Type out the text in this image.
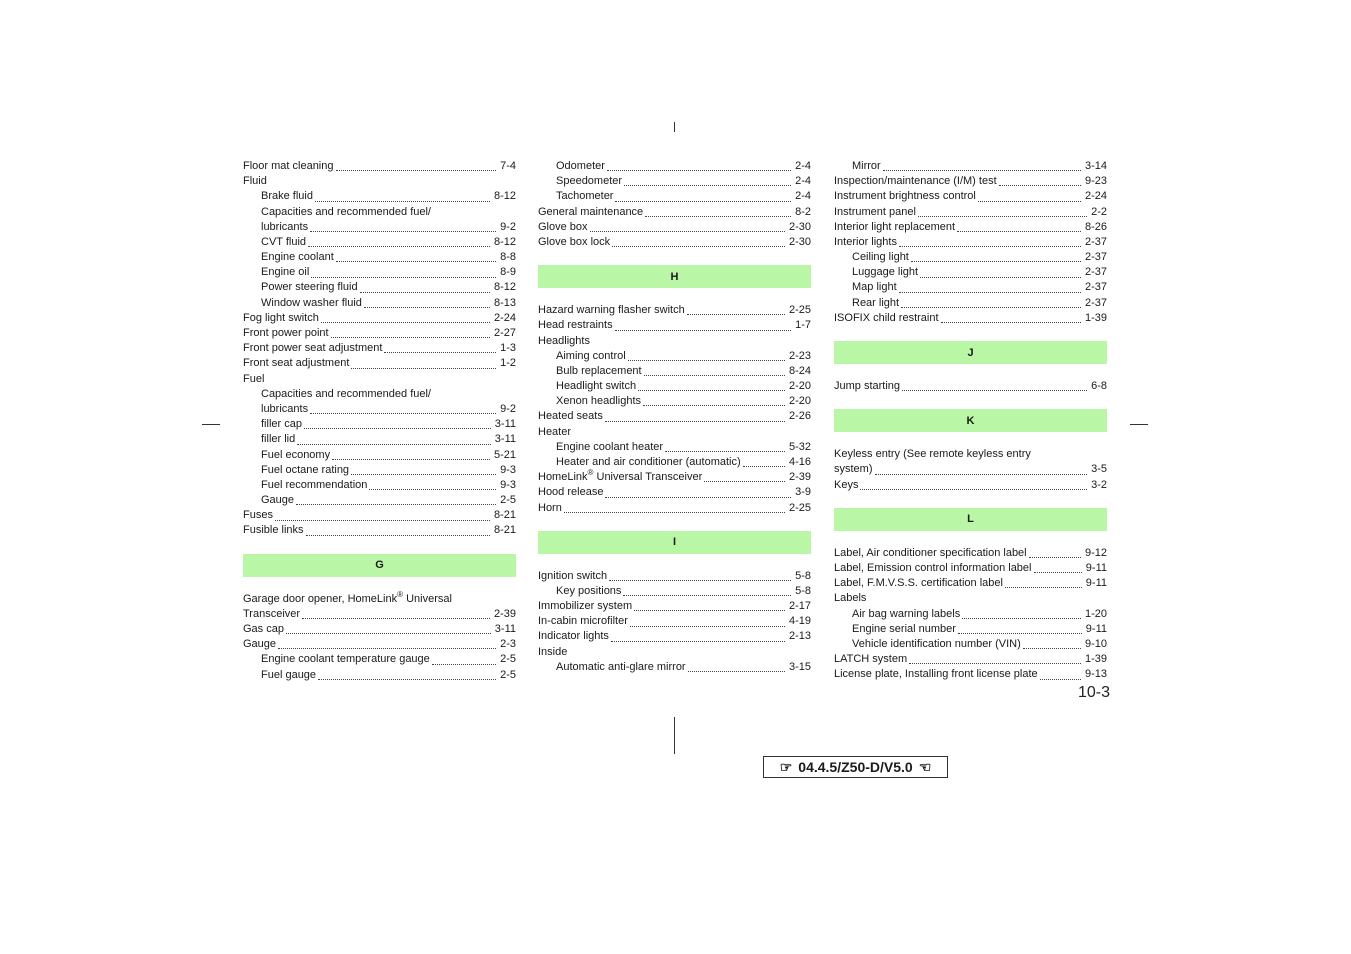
Floor mat cleaning	7-4
Fluid
Brake fluid	8-12
Capacities and recommended fuel/
lubricants	9-2
CVT fluid	8-12
Engine coolant	8-8
Engine oil	8-9
Power steering fluid	8-12
Window washer fluid	8-13
Fog light switch	2-24
Front power point	2-27
Front power seat adjustment	1-3
Front seat adjustment	1-2
Fuel
Capacities and recommended fuel/
lubricants	9-2
filler cap	3-11
filler lid	3-11
Fuel economy	5-21
Fuel octane rating	9-3
Fuel recommendation	9-3
Gauge	2-5
Fuses	8-21
Fusible links	8-21
G
Garage door opener, HomeLink® Universal
Transceiver	2-39
Gas cap	3-11
Gauge	2-3
Engine coolant temperature gauge	2-5
Fuel gauge	2-5
Odometer	2-4
Speedometer	2-4
Tachometer	2-4
General maintenance	8-2
Glove box	2-30
Glove box lock	2-30
H
Hazard warning flasher switch	2-25
Head restraints	1-7
Headlights
Aiming control	2-23
Bulb replacement	8-24
Headlight switch	2-20
Xenon headlights	2-20
Heated seats	2-26
Heater
Engine coolant heater	5-32
Heater and air conditioner (automatic)	4-16
HomeLink® Universal Transceiver	2-39
Hood release	3-9
Horn	2-25
I
Ignition switch	5-8
Key positions	5-8
Immobilizer system	2-17
In-cabin microfilter	4-19
Indicator lights	2-13
Inside
Automatic anti-glare mirror	3-15
Mirror	3-14
Inspection/maintenance (I/M) test	9-23
Instrument brightness control	2-24
Instrument panel	2-2
Interior light replacement	8-26
Interior lights	2-37
Ceiling light	2-37
Luggage light	2-37
Map light	2-37
Rear light	2-37
ISOFIX child restraint	1-39
J
Jump starting	6-8
K
Keyless entry (See remote keyless entry
system)	3-5
Keys	3-2
L
Label, Air conditioner specification label	9-12
Label, Emission control information label	9-11
Label, F.M.V.S.S. certification label	9-11
Labels
Air bag warning labels	1-20
Engine serial number	9-11
Vehicle identification number (VIN)	9-10
LATCH system	1-39
License plate, Installing front license plate	9-13
10-3
☞ 04.4.5/Z50-D/V5.0 ☜
